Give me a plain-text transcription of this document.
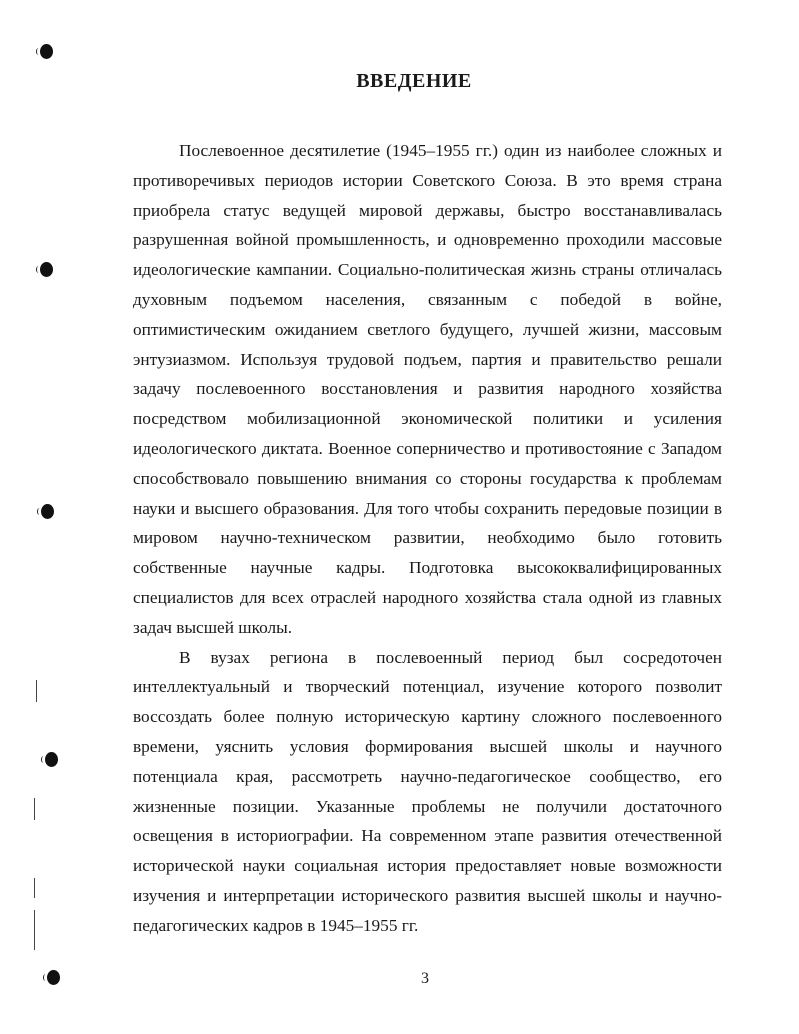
ВВЕДЕНИЕ

Послевоенное десятилетие (1945–1955 гг.) один из наиболее сложных и противоречивых периодов истории Советского Союза. В это время страна приобрела статус ведущей мировой державы, быстро восстанавливалась разрушенная войной промышленность, и одновременно проходили массовые идеологические кампании. Социально-политическая жизнь страны отличалась духовным подъемом населения, связанным с победой в войне, оптимистическим ожиданием светлого будущего, лучшей жизни, массовым энтузиазмом. Используя трудовой подъем, партия и правительство решали задачу послевоенного восстановления и развития народного хозяйства посредством мобилизационной экономической политики и усиления идеологического диктата. Военное соперничество и противостояние с Западом способствовало повышению внимания со стороны государства к проблемам науки и высшего образования. Для того чтобы сохранить передовые позиции в мировом научно-техническом развитии, необходимо было готовить собственные научные кадры. Подготовка высококвалифицированных специалистов для всех отраслей народного хозяйства стала одной из главных задач высшей школы.

В вузах региона в послевоенный период был сосредоточен интеллектуальный и творческий потенциал, изучение которого позволит воссоздать более полную историческую картину сложного послевоенного времени, уяснить условия формирования высшей школы и научного потенциала края, рассмотреть научно-педагогическое сообщество, его жизненные позиции. Указанные проблемы не получили достаточного освещения в историографии. На современном этапе развития отечественной исторической науки социальная история предоставляет новые возможности изучения и интерпретации исторического развития высшей школы и научно-педагогических кадров в 1945–1955 гг.

3
